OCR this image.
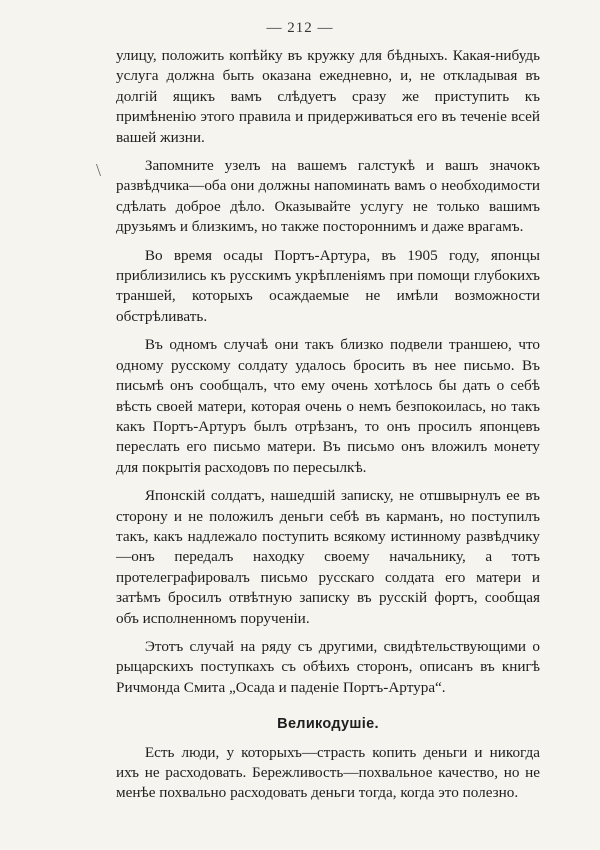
— 212 —
\

улицу, положить копѣйку въ кружку для бѣдныхъ. Какая-нибудь услуга должна быть оказана ежедневно, и, не откладывая въ долгій ящикъ вамъ слѣдуетъ сразу же приступить къ примѣненію этого правила и придерживаться его въ теченіе всей вашей жизни.

Запомните узелъ на вашемъ галстукѣ и вашъ значокъ развѣдчика—оба они должны напоминать вамъ о необходимости сдѣлать доброе дѣло. Оказывайте услугу не только вашимъ друзьямъ и близкимъ, но также постороннимъ и даже врагамъ.

Во время осады Портъ-Артура, въ 1905 году, японцы приблизились къ русскимъ укрѣпленіямъ при помощи глубокихъ траншей, которыхъ осаждаемые не имѣли возможности обстрѣливать.

Въ одномъ случаѣ они такъ близко подвели траншею, что одному русскому солдату удалось бросить въ нее письмо. Въ письмѣ онъ сообщалъ, что ему очень хотѣлось бы дать о себѣ вѣсть своей матери, которая очень о немъ безпокоилась, но такъ какъ Портъ-Артуръ былъ отрѣзанъ, то онъ просилъ японцевъ переслать его письмо матери. Въ письмо онъ вложилъ монету для покрытія расходовъ по пересылкѣ.

Японскій солдатъ, нашедшій записку, не отшвырнулъ ее въ сторону и не положилъ деньги себѣ въ карманъ, но поступилъ такъ, какъ надлежало поступить всякому истинному развѣдчику—онъ передалъ находку своему начальнику, а тотъ протелеграфировалъ письмо русскаго солдата его матери и затѣмъ бросилъ отвѣтную записку въ русскій фортъ, сообщая объ исполненномъ порученіи.

Этотъ случай на ряду съ другими, свидѣтельствующими о рыцарскихъ поступкахъ съ обѣихъ сторонъ, описанъ въ книгѣ Ричмонда Смита „Осада и паденіе Портъ-Артура“.

Великодушіе.

Есть люди, у которыхъ—страсть копить деньги и никогда ихъ не расходовать. Бережливость—похвальное качество, но не менѣе похвально расходовать деньги тогда, когда это полезно.
